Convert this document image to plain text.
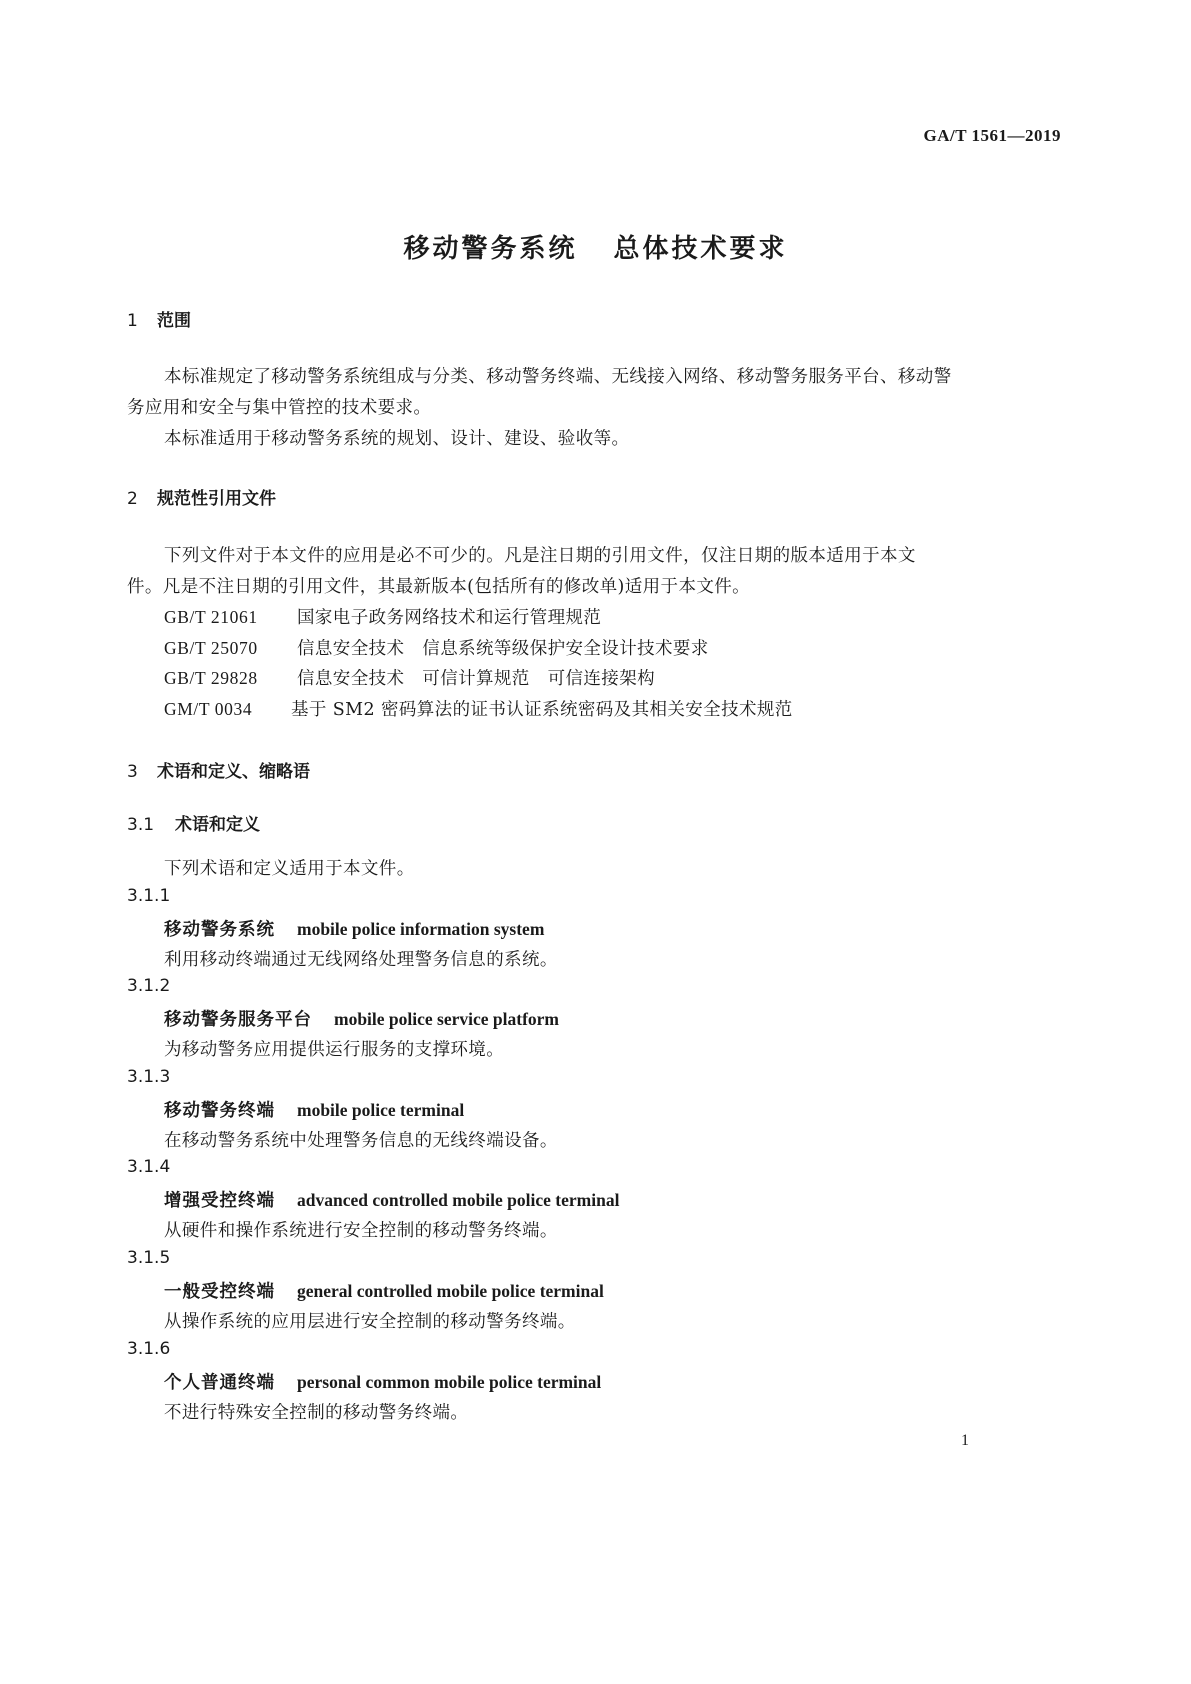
GA/T 1561—2019
移动警务系统 总体技术要求
1 范围
本标准规定了移动警务系统组成与分类、移动警务终端、无线接入网络、移动警务服务平台、移动警
务应用和安全与集中管控的技术要求。
本标准适用于移动警务系统的规划、设计、建设、验收等。
2 规范性引用文件
下列文件对于本文件的应用是必不可少的。凡是注日期的引用文件，仅注日期的版本适用于本文
件。凡是不注日期的引用文件，其最新版本(包括所有的修改单)适用于本文件。
GB/T 21061 国家电子政务网络技术和运行管理规范
GB/T 25070 信息安全技术　信息系统等级保护安全设计技术要求
GB/T 29828 信息安全技术　可信计算规范　可信连接架构
GM/T 0034 基于 SM2 密码算法的证书认证系统密码及其相关安全技术规范
3 术语和定义、缩略语
3.1 术语和定义
下列术语和定义适用于本文件。
3.1.1
移动警务系统 mobile police information system
利用移动终端通过无线网络处理警务信息的系统。
3.1.2
移动警务服务平台 mobile police service platform
为移动警务应用提供运行服务的支撑环境。
3.1.3
移动警务终端 mobile police terminal
在移动警务系统中处理警务信息的无线终端设备。
3.1.4
增强受控终端 advanced controlled mobile police terminal
从硬件和操作系统进行安全控制的移动警务终端。
3.1.5
一般受控终端 general controlled mobile police terminal
从操作系统的应用层进行安全控制的移动警务终端。
3.1.6
个人普通终端 personal common mobile police terminal
不进行特殊安全控制的移动警务终端。
1
